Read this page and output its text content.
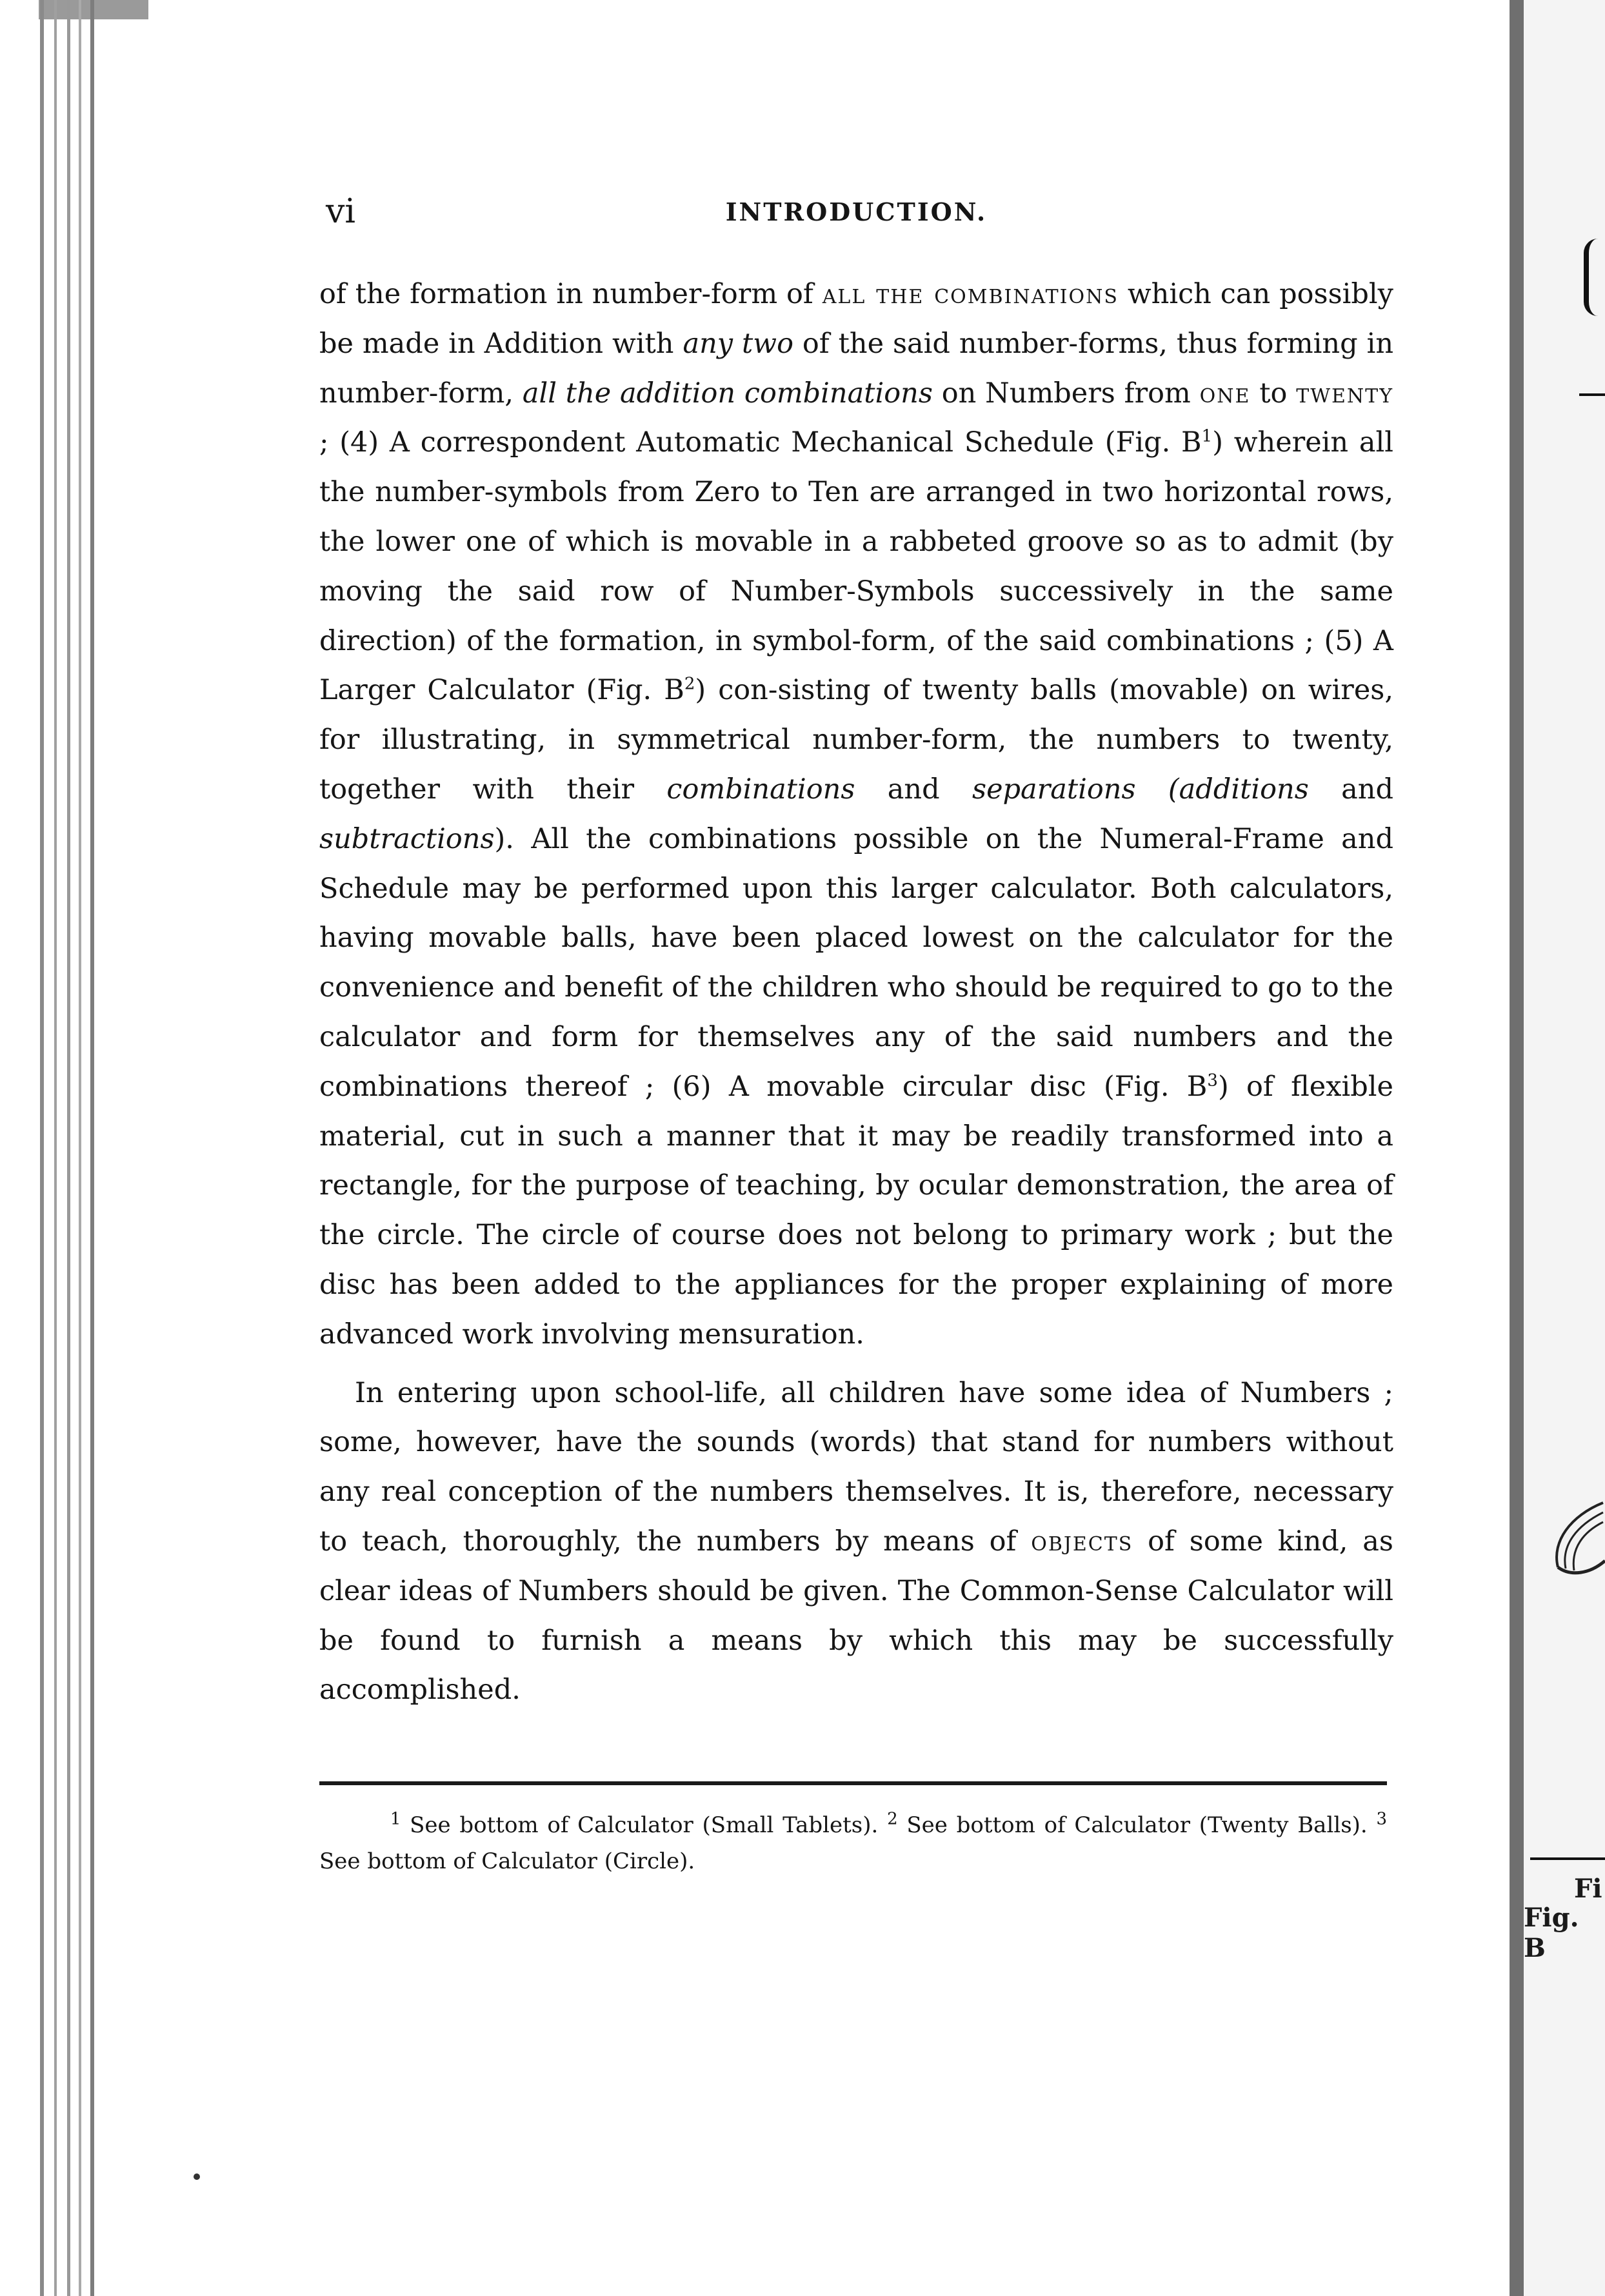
Fi
Fig. B
vi	INTRODUCTION.

of the formation in number-form of all the combinations which can possibly be made in Addition with any two of the said number-forms, thus forming in number-form, all the addition combinations on Numbers from one to twenty ; (4) A correspondent Automatic Mechanical Schedule (Fig. $B^1$) wherein all the number-symbols from Zero to Ten are arranged in two horizontal rows, the lower one of which is movable in a rabbeted groove so as to admit (by moving the said row of Number-Symbols successively in the same direction) of the formation, in symbol-form, of the said combinations ; (5) A Larger Calculator (Fig. $B^2$) con-sisting of twenty balls (movable) on wires, for illustrating, in symmetrical number-form, the numbers to twenty, together with their combinations and separations (additions and subtractions). All the combinations possible on the Numeral-Frame and Schedule may be performed upon this larger calculator. Both calculators, having movable balls, have been placed lowest on the calculator for the convenience and benefit of the children who should be required to go to the calculator and form for themselves any of the said numbers and the combinations thereof ; (6) A movable circular disc (Fig. $B^3$) of flexible material, cut in such a manner that it may be readily transformed into a rectangle, for the purpose of teaching, by ocular demonstration, the area of the circle. The circle of course does not belong to primary work ; but the disc has been added to the appliances for the proper explaining of more advanced work involving mensuration.

In entering upon school-life, all children have some idea of Numbers ; some, however, have the sounds (words) that stand for numbers without any real conception of the numbers themselves. It is, therefore, necessary to teach, thoroughly, the numbers by means of objects of some kind, as clear ideas of Numbers should be given. The Common-Sense Calculator will be found to furnish a means by which this may be successfully accomplished.

$^1$ See bottom of Calculator (Small Tablets). $^2$ See bottom of Calculator (Twenty Balls). $^3$ See bottom of Calculator (Circle).
